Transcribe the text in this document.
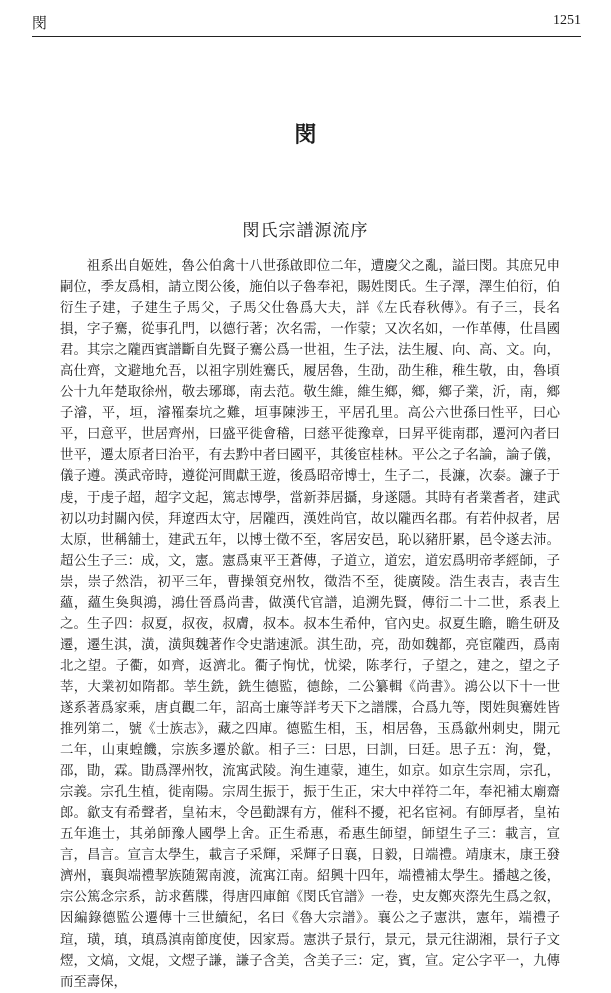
閔	1251
閔
閔氏宗譜源流序

祖系出自姬姓，魯公伯禽十八世孫啟即位二年，遭慶父之亂，謚曰閔。其庶兄申嗣位，季友爲相，請立閔公後，施伯以子魯奉祀，賜姓閔氏。生子澤，澤生伯衍，伯衍生子建，子建生子馬父，子馬父仕魯爲大夫，詳《左氏春秋傳》。有子三，長名損，字子騫，從事孔門，以德行著；次名需，一作蒙；又次名如，一作革傳，仕昌國君。其宗之隴西賓譜斷自先賢子騫公爲一世祖，生子法，法生履、向、高、文。向，高仕齊，文避地允吾，以祖字別姓騫氏，履居魯，生劭，劭生稚，稚生敬，由，魯頃公十九年楚取徐州，敬去琊瑯，南去范。敬生維，維生鄉，鄉，鄉子業，沂，南，鄉子濬，平，垣，濬罹秦坑之難，垣事陳涉王，平居孔里。高公六世孫曰性平，曰心平，曰意平，世居齊州，曰盛平徙會稽，曰慈平徙豫章，曰昇平徙南郡，遷河內者曰世平，遷太原者曰治平，有去黔中者曰國平，其後宦桂林。平公之子名論，論子儀，儀子遵。漢武帝時，遵從河間獻王遊，後爲昭帝博士，生子二，長濂，次泰。濂子于虔，于虔子超，超字文起，篤志博學，當新莽居攝，身遂隱。其時有者業耆者，建武初以功封關內侯，拜遼西太守，居隴西，漢姓尚官，故以隴西名郡。有若仲叔者，居太原，世稱舖士，建武五年，以博士徵不至，客居安邑，恥以豬肝累，邑令遂去沛。超公生子三：成，文，憲。憲爲東平王蒼傳，子道立，道宏，道宏爲明帝孝經師，子崇，崇子然浩，初平三年，曹操領兗州牧，徵浩不至，徙廣陵。浩生表吉，表吉生蘊，蘊生奐與鴻，鴻仕晉爲尚書，做漢代官譜，追溯先賢，傳衍二十二世，系表上之。生子四：叔夏，叔夜，叔膚，叔本。叔本生希仲，官內史。叔夏生瞻，瞻生研及遷，遷生淇，潢，潢與魏著作令史諧速派。淇生劭，亮，劭如魏都，亮宦隴西，爲南北之望。子衢，如齊，返濟北。衢子恂忧，忧梁，陈孝行，子望之，建之，望之子莘，大業初如隋都。莘生銑，銑生德監，德餘，二公纂輯《尚書》。鴻公以下十一世遂系著爲家乘，唐貞觀二年，詔高士廉等詳考天下之譜牒，合爲九等，閔姓與騫姓皆推列第二，號《士族志》，藏之四庫。德監生相，玉，相居魯，玉爲歙州刺史，開元二年，山東蝗饑，宗族多遷於歙。相子三：曰思，曰訓，曰廷。思子五：洵，覺，邵，勖，霖。勖爲澤州牧，流寓武陵。洵生連蒙，連生，如京。如京生宗周，宗孔，宗義。宗孔生植，徙南陽。宗周生振于，振于生正，宋大中祥符二年，奉祀補太廟齋郎。歙支有希聲者，皇祐末，令邑勸課有方，催科不擾，祀名宦祠。有師厚者，皇祐五年進士，其弟師豫人國學上舍。正生希惠，希惠生師望，師望生子三：載言，宣言，昌言。宣言太學生，載言子采輝，采輝子日襄，日毅，日端禮。靖康末，康王發濟州，襄與端禮挈族随駕南渡，流寓江南。紹興十四年，端禮補太學生。播越之後，宗公篤念宗系，訪求舊牒，得唐四庫館《閔氏官譜》一卷，史友鄭夾漈先生爲之叙，因編錄德監公遷傳十三世續紀，名曰《魯大宗譜》。襄公之子憲洪，憲年，端禮子瑄，璜，瑱，瑱爲滇南節度使，因家焉。憲洪子景行，景元，景元往湖湘，景行子文熤，文熇，文焜，文熤子謙，謙子含美，含美子三：定，賓，宣。定公字平一，九傳而至壽保，
